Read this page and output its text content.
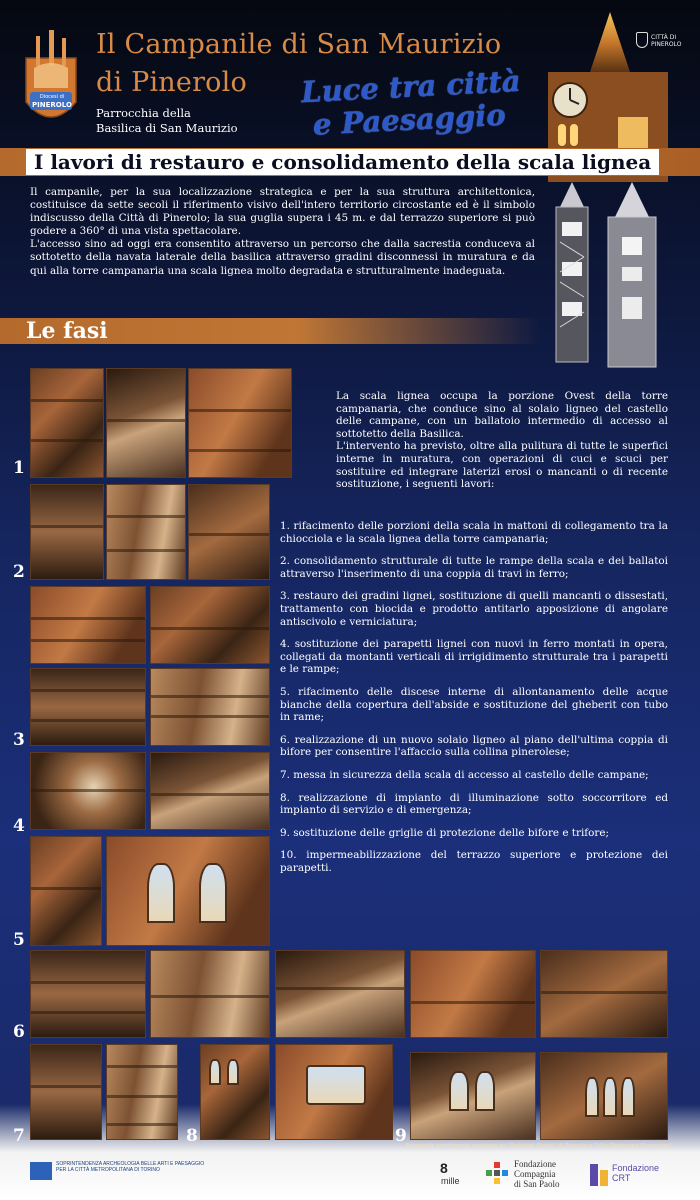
Diocesi di
PINEROLO
Il Campanile di San Maurizio
di Pinerolo
Parrocchia della
Basilica di San Maurizio
Luce tra città
e Paesaggio
CITTÀ DI
PINEROLO
I lavori di restauro e consolidamento della scala lignea

Il campanile, per la sua localizzazione strategica e per la sua struttura architettonica, costituisce da sette secoli il riferimento visivo dell'intero territorio circostante ed è il simbolo indiscusso della Città di Pinerolo; la sua guglia supera i 45 m. e dal terrazzo superiore si può godere a 360° di una vista spettacolare.

L'accesso sino ad oggi era consentito attraverso un percorso che dalla sacrestia conduceva al sottotetto della navata laterale della basilica attraverso gradini disconnessi in muratura e da qui alla torre campanaria una scala lignea molto degradata e strutturalmente inadeguata.

Le fasi
1
2
3
4
5
6
7	8	9

La scala lignea occupa la porzione Ovest della torre campanaria, che conduce sino al solaio ligneo del castello delle campane, con un ballatoio intermedio di accesso al sottotetto della Basilica.

L'intervento ha previsto, oltre alla pulitura di tutte le superfici interne in muratura, con operazioni di cuci e scuci per sostituire ed integrare laterizi erosi o mancanti o di recente sostituzione, i seguenti lavori:

1. rifacimento delle porzioni della scala in mattoni di collegamento tra la chiocciola e la scala lignea della torre campanaria;
2. consolidamento strutturale di tutte le rampe della scala e dei ballatoi attraverso l'inserimento di una coppia di travi in ferro;
3. restauro dei gradini lignei, sostituzione di quelli mancanti o dissestati, trattamento con biocida e prodotto antitarlo apposizione di angolare antiscivolo e verniciatura;
4. sostituzione dei parapetti lignei con nuovi in ferro montati in opera, collegati da montanti verticali di irrigidimento strutturale tra i parapetti e le rampe;
5. rifacimento delle discese interne di allontanamento delle acque bianche della copertura dell'abside e sostituzione del gheberit con tubo in rame;
6. realizzazione di un nuovo solaio ligneo al piano dell'ultima coppia di bifore per consentire l'affaccio sulla collina pinerolese;
7. messa in sicurezza della scala di accesso al castello delle campane;
8. realizzazione di impianto di illuminazione sotto soccorritore ed impianto di servizio e di emergenza;
9. sostituzione delle griglie di protezione delle bifore e trifore;
10. impermeabilizzazione del terrazzo superiore e protezione dei parapetti.
Fotografie gentilmente concesse da "Fotoclub Pipino" di Pinerolo e "Vita Diocesana Pinerolese"
SOPRINTENDENZA ARCHEOLOGIA BELLE ARTI E PAESAGGIO PER LA CITTÀ METROPOLITANA DI TORINO	8
mille
Fondazione
Compagnia
di San Paolo
Fondazione
CRT
